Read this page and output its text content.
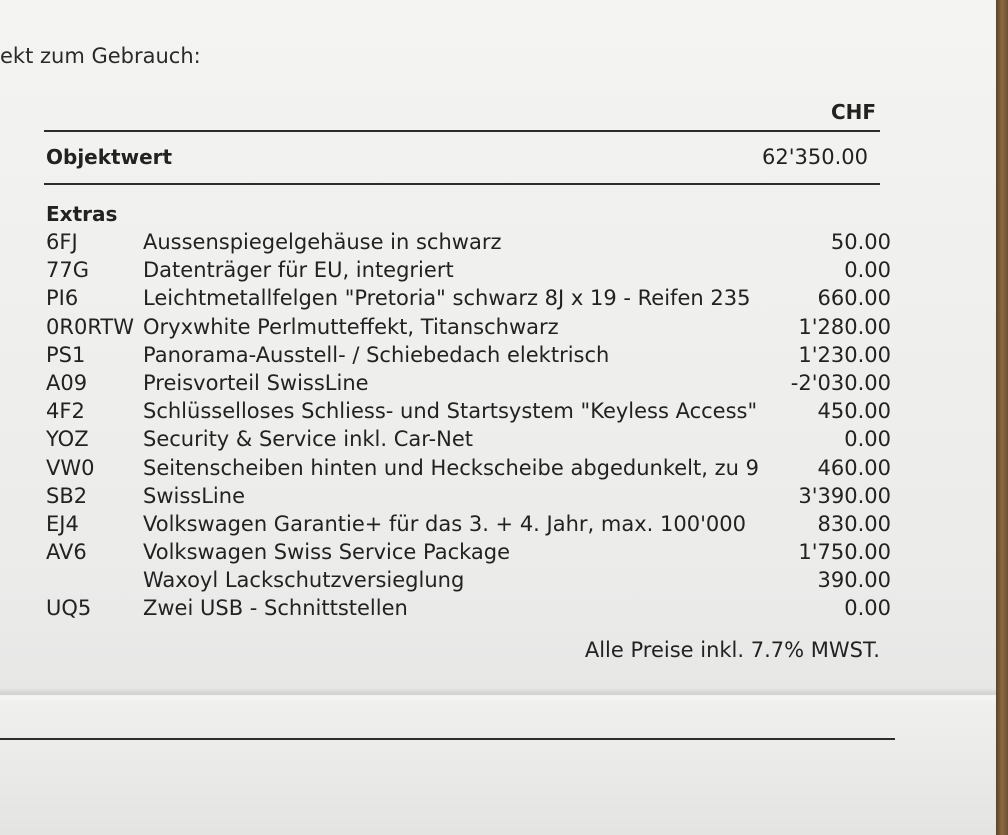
ekt zum Gebrauch:
CHF
Objektwert	62'350.00
Extras
6FJ	Aussenspiegelgehäuse in schwarz	50.00
77G	Datenträger für EU, integriert	0.00
PI6	Leichtmetallfelgen "Pretoria" schwarz 8J x 19 - Reifen 235	660.00
0R0RTW Oryxwhite Perlmutteffekt, Titanschwarz	1'280.00
PS1	Panorama-Ausstell- / Schiebedach elektrisch	1'230.00
A09	Preisvorteil SwissLine	-2'030.00
4F2	Schlüsselloses Schliess- und Startsystem "Keyless Access"	450.00
YOZ	Security & Service inkl. Car-Net	0.00
VW0 Seitenscheiben hinten und Heckscheibe abgedunkelt, zu 9	460.00
SB2	SwissLine	3'390.00
EJ4	Volkswagen Garantie+ für das 3. + 4. Jahr, max. 100'000	830.00
AV6	Volkswagen Swiss Service Package	1'750.00
Waxoyl Lackschutzversieglung	390.00
UQ5 Zwei USB - Schnittstellen	0.00
Alle Preise inkl. 7.7% MWST.
